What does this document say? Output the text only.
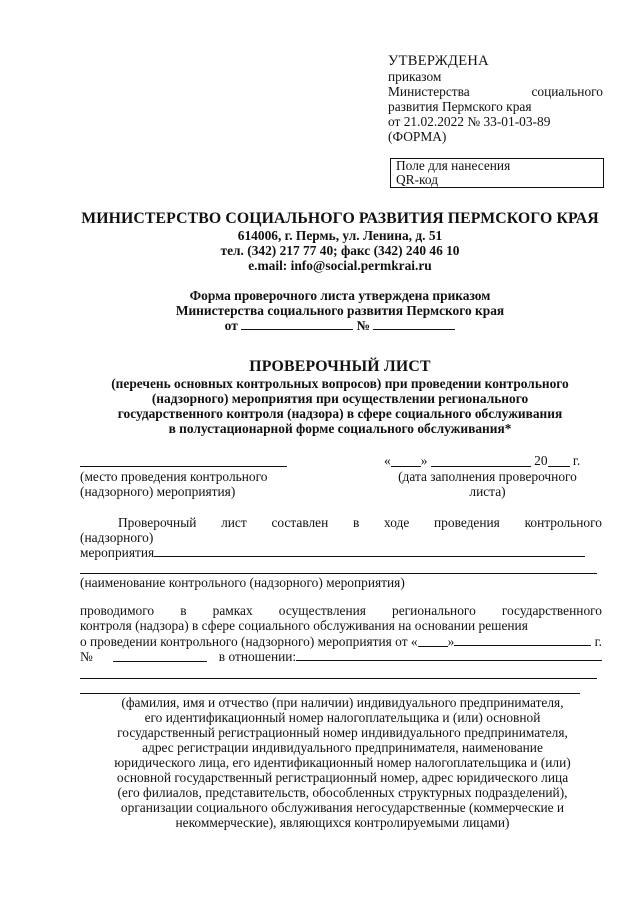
УТВЕРЖДЕНА
приказом
Министерства	социального
развития Пермского края
от 21.02.2022 № 33-01-03-89
(ФОРМА)
Поле для нанесения
QR-код
МИНИСТЕРСТВО СОЦИАЛЬНОГО РАЗВИТИЯ ПЕРМСКОГО КРАЯ
614006, г. Пермь, ул. Ленина, д. 51
тел. (342) 217 77 40; факс (342) 240 46 10
e.mail: info@social.permkrai.ru
Форма проверочного листа утверждена приказом
Министерства социального развития Пермского края
от	№
ПРОВЕРОЧНЫЙ ЛИСТ
(перечень основных контрольных вопросов) при проведении контрольного
(надзорного) мероприятия при осуществлении регионального
государственного контроля (надзора) в сфере социального обслуживания
в полустационарной форме социального обслуживания*
(место проведения контрольного
(надзорного) мероприятия)
« »	20 г.
(дата заполнения проверочного
листа)
Проверочный лист составлен в ходе проведения контрольного
(надзорного)
мероприятия
(наименование контрольного (надзорного) мероприятия)
проводимого в рамках осуществления регионального государственного
контроля (надзора) в сфере социального обслуживания на основании решения
о проведении контрольного (надзорного) мероприятия от « »	г.
№	в отношении:
(фамилия, имя и отчество (при наличии) индивидуального предпринимателя,
его идентификационный номер налогоплательщика и (или) основной
государственный регистрационный номер индивидуального предпринимателя,
адрес регистрации индивидуального предпринимателя, наименование
юридического лица, его идентификационный номер налогоплательщика и (или)
основной государственный регистрационный номер, адрес юридического лица
(его филиалов, представительств, обособленных структурных подразделений),
организации социального обслуживания негосударственные (коммерческие и
некоммерческие), являющихся контролируемыми лицами)
